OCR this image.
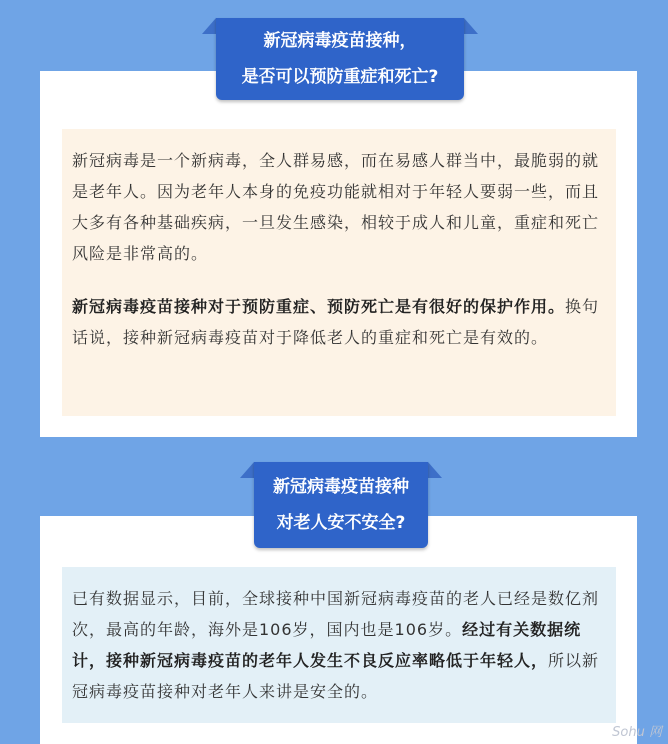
新冠病毒疫苗接种，
是否可以预防重症和死亡?

新冠病毒是一个新病毒，全人群易感，而在易感人群当中，最脆弱的就是老年人。因为老年人本身的免疫功能就相对于年轻人要弱一些，而且大多有各种基础疾病，一旦发生感染，相较于成人和儿童，重症和死亡风险是非常高的。

新冠病毒疫苗接种对于预防重症、预防死亡是有很好的保护作用。换句话说，接种新冠病毒疫苗对于降低老人的重症和死亡是有效的。

新冠病毒疫苗接种
对老人安不安全?

已有数据显示，目前，全球接种中国新冠病毒疫苗的老人已经是数亿剂次，最高的年龄，海外是106岁，国内也是106岁。经过有关数据统计，接种新冠病毒疫苗的老年人发生不良反应率略低于年轻人，所以新冠病毒疫苗接种对老年人来讲是安全的。

Sohu 网
